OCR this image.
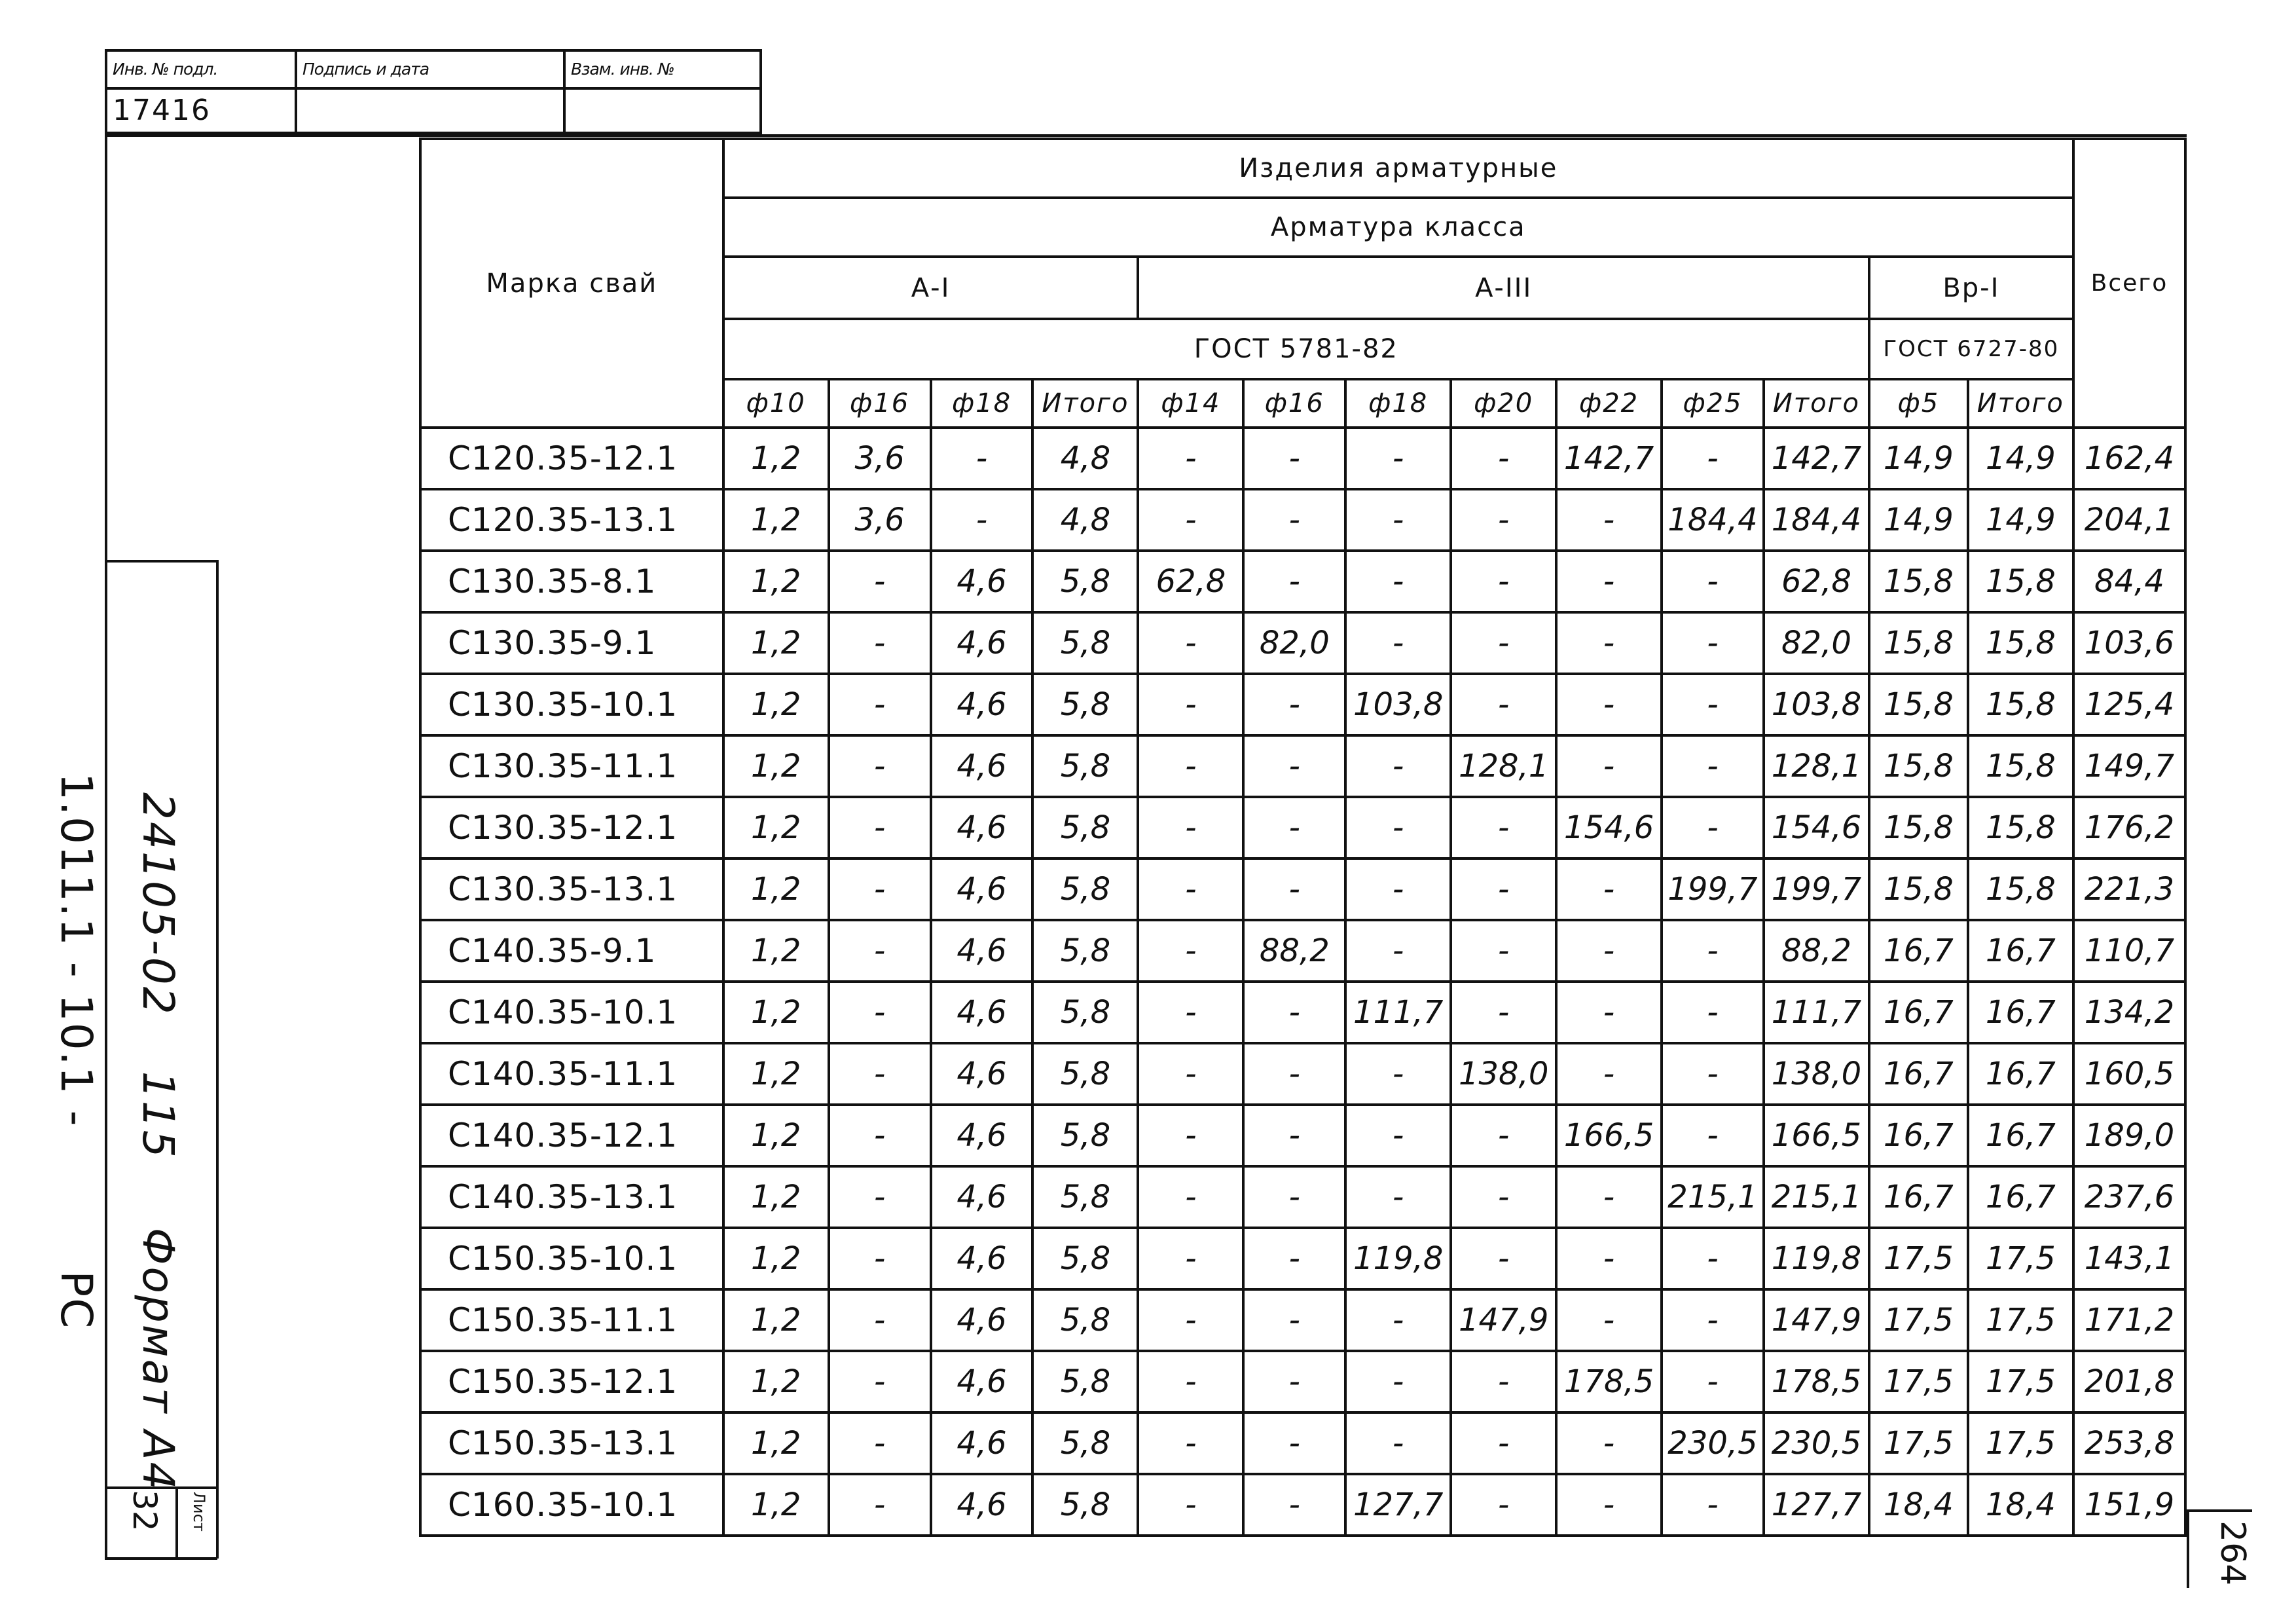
Инв. № подл.	Подпись и дата	Взам. инв. №
17416		
24105-02 115 Формат А4
1.011.1 - 10.1 - РС
Лист
32
264
Марка свай	Изделия арматурные													Всего
	Арматура класса													
	А-I				А-III							Вр-I		
	ГОСТ 5781-82											ГОСТ 6727-80		
	ф10	ф16	ф18	Итого	ф14	ф16	ф18	ф20	ф22	ф25	Итого	ф5	Итого	
С120.35-12.1	1,2	3,6	-	4,8	-	-	-	-	142,7	-	142,7	14,9	14,9	162,4
С120.35-13.1	1,2	3,6	-	4,8	-	-	-	-	-	184,4	184,4	14,9	14,9	204,1
С130.35-8.1	1,2	-	4,6	5,8	62,8	-	-	-	-	-	62,8	15,8	15,8	84,4
С130.35-9.1	1,2	-	4,6	5,8	-	82,0	-	-	-	-	82,0	15,8	15,8	103,6
С130.35-10.1	1,2	-	4,6	5,8	-	-	103,8	-	-	-	103,8	15,8	15,8	125,4
С130.35-11.1	1,2	-	4,6	5,8	-	-	-	128,1	-	-	128,1	15,8	15,8	149,7
С130.35-12.1	1,2	-	4,6	5,8	-	-	-	-	154,6	-	154,6	15,8	15,8	176,2
С130.35-13.1	1,2	-	4,6	5,8	-	-	-	-	-	199,7	199,7	15,8	15,8	221,3
С140.35-9.1	1,2	-	4,6	5,8	-	88,2	-	-	-	-	88,2	16,7	16,7	110,7
С140.35-10.1	1,2	-	4,6	5,8	-	-	111,7	-	-	-	111,7	16,7	16,7	134,2
С140.35-11.1	1,2	-	4,6	5,8	-	-	-	138,0	-	-	138,0	16,7	16,7	160,5
С140.35-12.1	1,2	-	4,6	5,8	-	-	-	-	166,5	-	166,5	16,7	16,7	189,0
С140.35-13.1	1,2	-	4,6	5,8	-	-	-	-	-	215,1	215,1	16,7	16,7	237,6
С150.35-10.1	1,2	-	4,6	5,8	-	-	119,8	-	-	-	119,8	17,5	17,5	143,1
С150.35-11.1	1,2	-	4,6	5,8	-	-	-	147,9	-	-	147,9	17,5	17,5	171,2
С150.35-12.1	1,2	-	4,6	5,8	-	-	-	-	178,5	-	178,5	17,5	17,5	201,8
С150.35-13.1	1,2	-	4,6	5,8	-	-	-	-	-	230,5	230,5	17,5	17,5	253,8
С160.35-10.1	1,2	-	4,6	5,8	-	-	127,7	-	-	-	127,7	18,4	18,4	151,9
